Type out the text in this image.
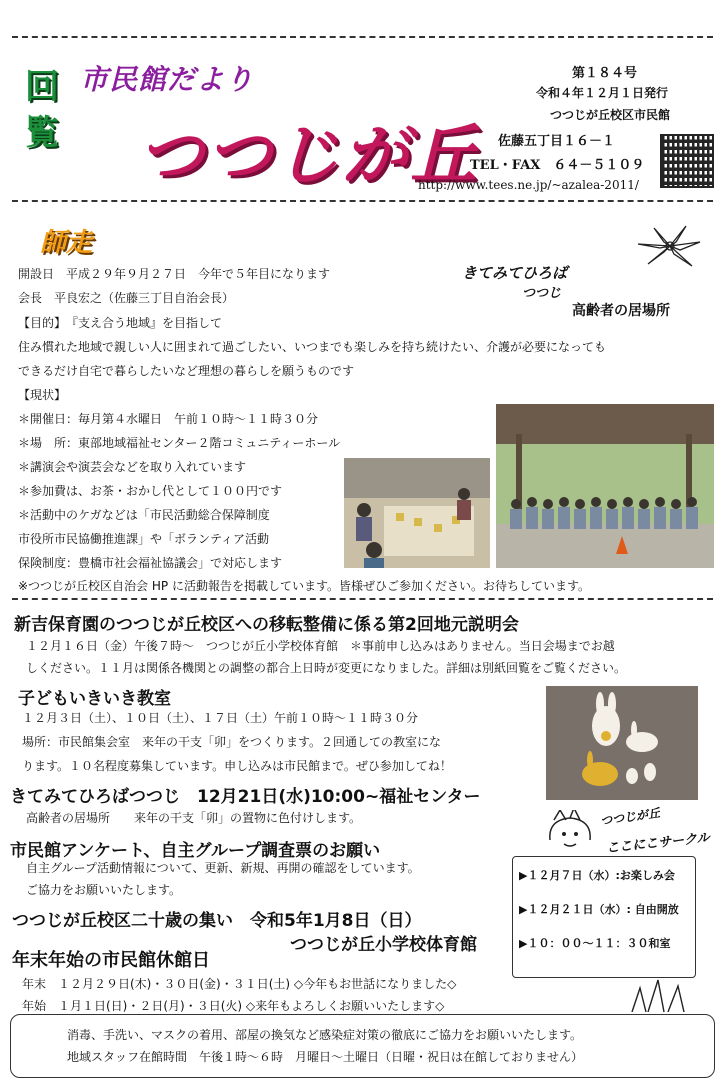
回
覧
市民館だより
つつじが丘
第１８４号
令和４年１２月１日発行
つつじが丘校区市民館
佐藤五丁目１６－１
TEL・FAX　６４－５１０９
http://www.tees.ne.jp/~azalea-2011/
師走
きてみてひろば
つつじ
高齢者の居場所
開設日　平成２９年９月２７日　今年で５年目になります
会長　平良宏之（佐藤三丁目自治会長）
【目的】　『支え合う地域』を目指して
住み慣れた地域で親しい人に囲まれて過ごしたい、いつまでも楽しみを持ち続けたい、介護が必要になっても
できるだけ自宅で暮らしたいなど理想の暮らしを願うものです
【現状】
＊開催日：毎月第４水曜日　午前１０時～１１時３０分
＊場　所：東部地域福祉センター２階コミュニティーホール
＊講演会や演芸会などを取り入れています
＊参加費は、お茶・おかし代として１００円です
＊活動中のケガなどは「市民活動総合保障制度
市役所市民協働推進課」や「ボランティア活動
保険制度：豊橋市社会福祉協議会」で対応します
※つつじが丘校区自治会 HP に活動報告を掲載しています。皆様ぜひご参加ください。お待ちしています。
新吉保育園のつつじが丘校区への移転整備に係る第2回地元説明会
１２月１６日（金）午後７時～　つつじが丘小学校体育館　＊事前申し込みはありません。当日会場までお越
しください。１１月は関係各機関との調整の都合上日時が変更になりました。詳細は別紙回覧をご覧ください。
子どもいきいき教室
１２月３日（土）、１０日（土）、１７日（土）午前１０時～１１時３０分
場所：市民館集会室　来年の干支「卯」をつくります。２回通しての教室にな
ります。１０名程度募集しています。申し込みは市民館まで。ぜひ参加してね！
きてみてひろばつつじ　12月21日(水)10:00~福祉センター
高齢者の居場所　　来年の干支「卯」の置物に色付けします。
市民館アンケート、自主グループ調査票のお願い
自主グループ活動情報について、更新、新規、再開の確認をしています。
ご協力をお願いいたします。
つつじが丘校区二十歳の集い　令和5年1月8日（日）
つつじが丘小学校体育館
年末年始の市民館休館日
年末　１２月２９日(木)・３０日(金)・３１日(土) ◇今年もお世話になりました◇
年始　１月１日(日)・２日(月)・３日(火) ◇来年もよろしくお願いいたします◇
つつじが丘
ここにこサークル
▶１２月７日（水）:お楽しみ会
▶１２月２１日（水）: 自由開放
▶１０：００～１１：３０和室
消毒、手洗い、マスクの着用、部屋の換気など感染症対策の徹底にご協力をお願いいたします。
地域スタッフ在館時間　午後１時～６時　月曜日～土曜日（日曜・祝日は在館しておりません）
